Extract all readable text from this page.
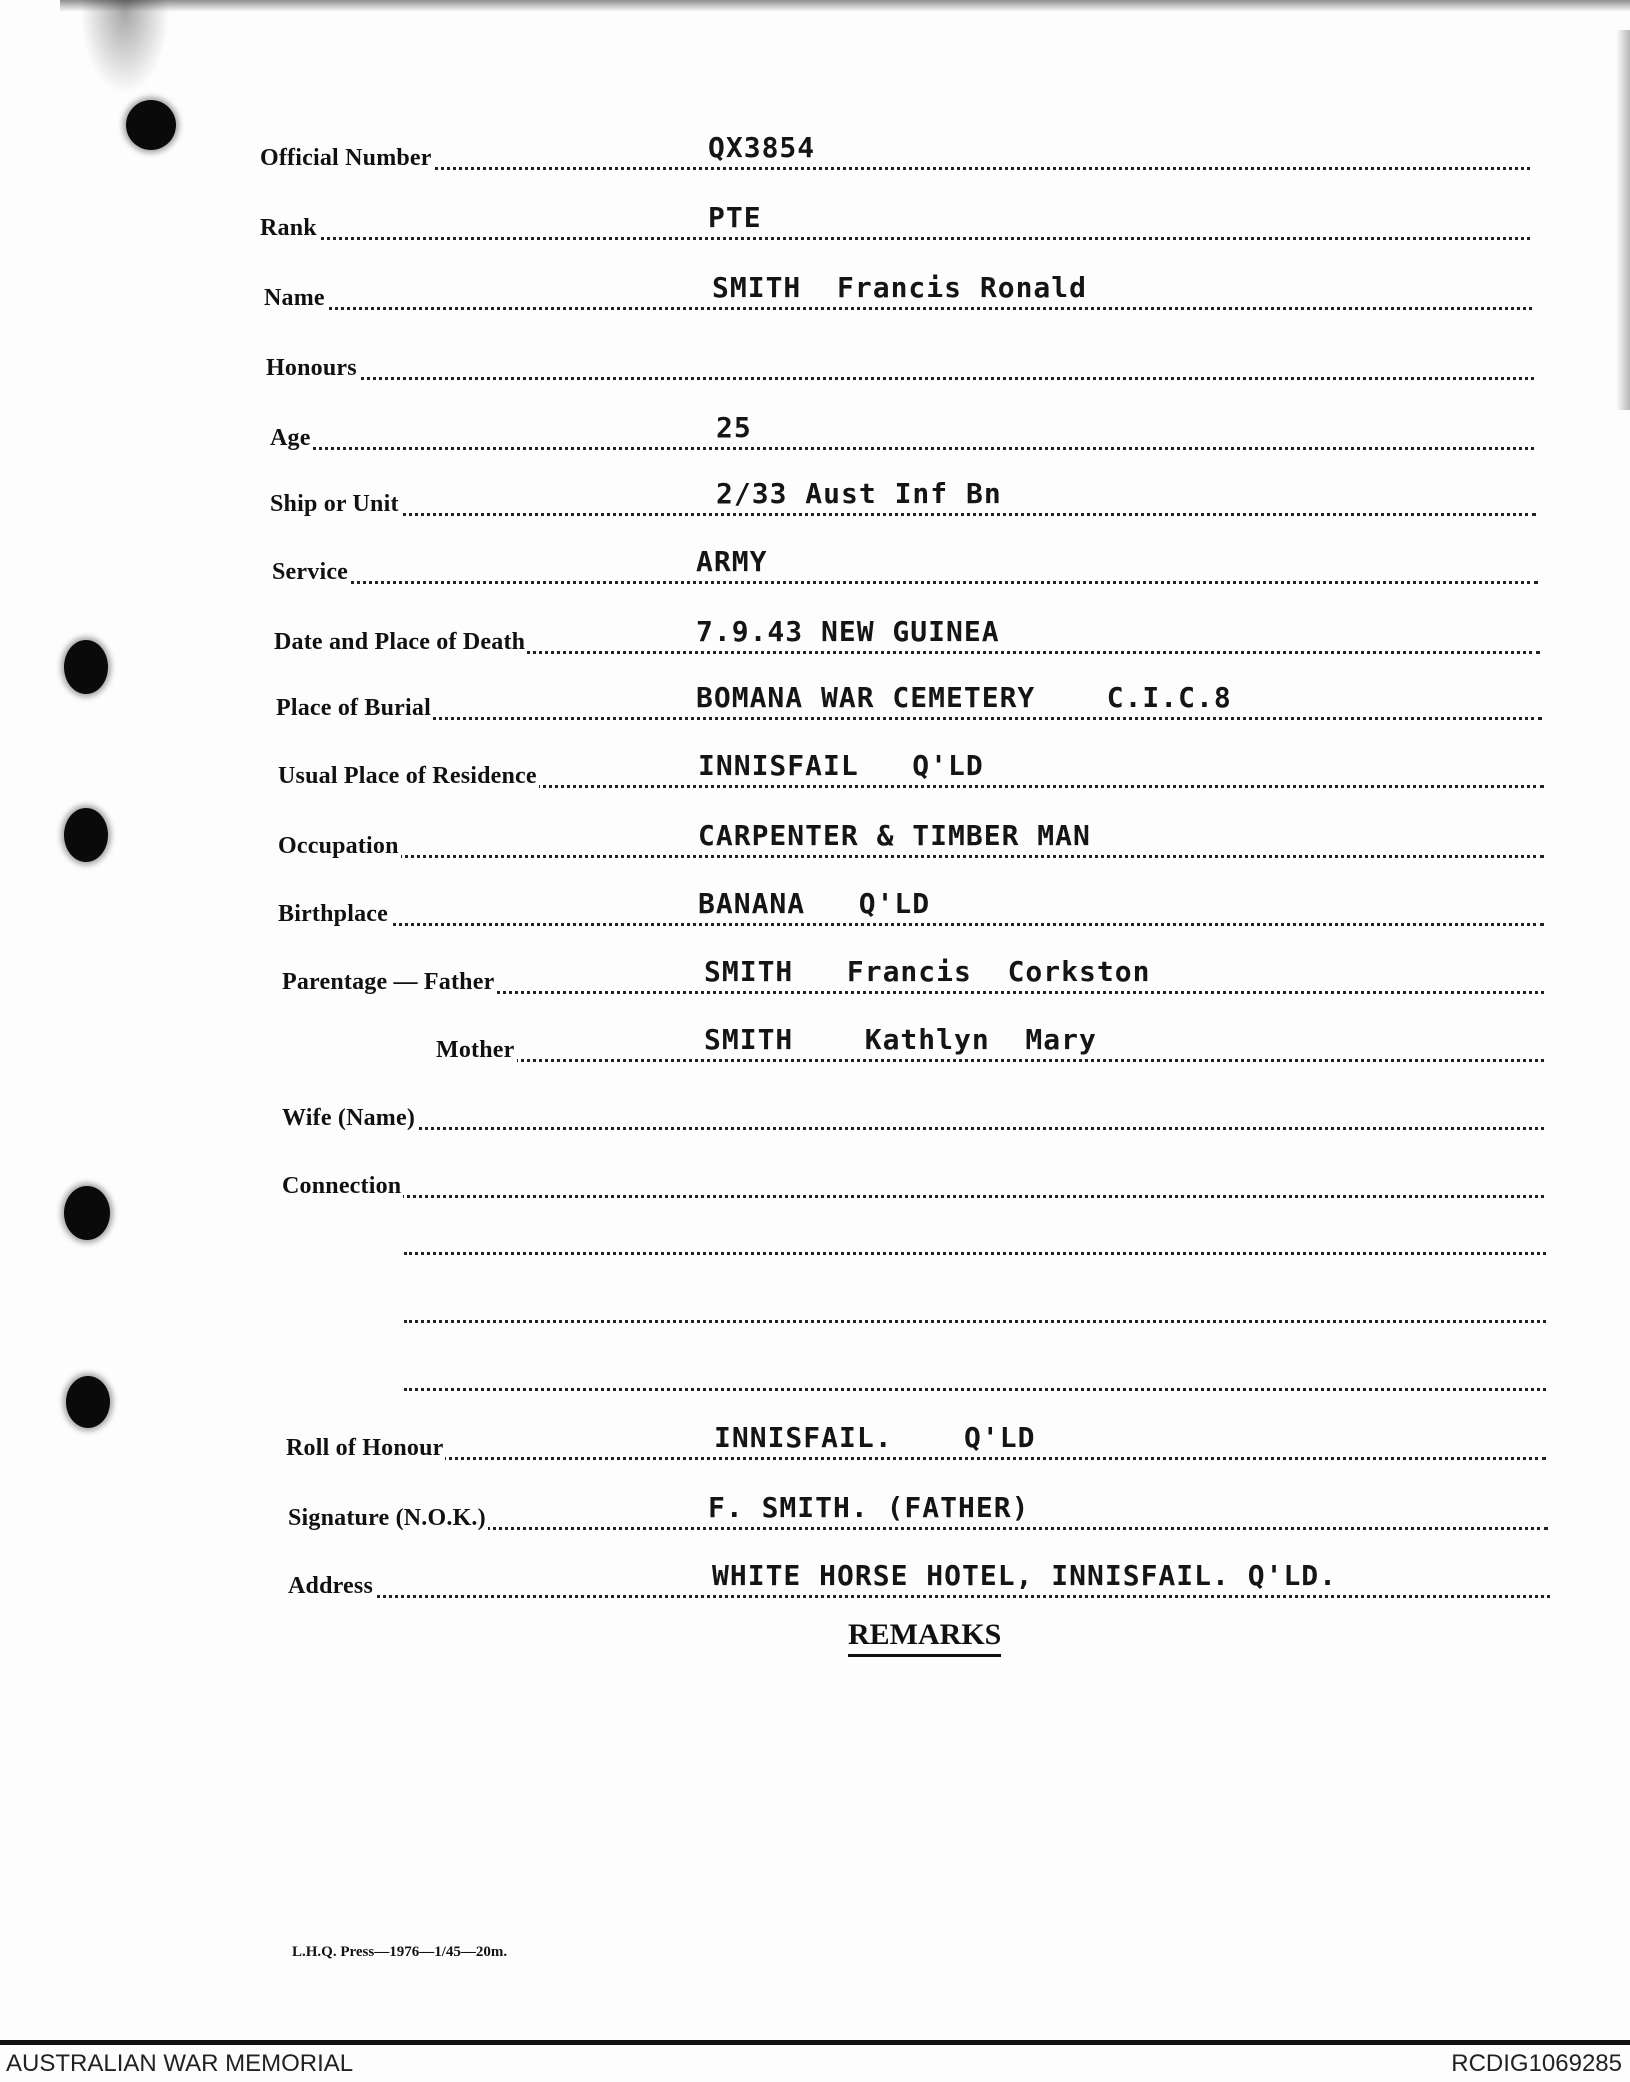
Official Number	QX3854
Rank	PTE
Name	SMITH  Francis Ronald
Honours
Age	25
Ship or Unit	2/33 Aust Inf Bn
Service	ARMY
Date and Place of Death	7.9.43 NEW GUINEA
Place of Burial	BOMANA WAR CEMETERY    C.I.C.8
Usual Place of Residence	INNISFAIL   Q'LD
Occupation	CARPENTER & TIMBER MAN
Birthplace	BANANA   Q'LD
Parentage — Father	SMITH   Francis  Corkston
Mother	SMITH    Kathlyn  Mary
Wife (Name)
Connection
Roll of Honour	INNISFAIL.    Q'LD
Signature (N.O.K.)	F. SMITH. (FATHER)
Address	WHITE HORSE HOTEL, INNISFAIL. Q'LD.
REMARKS
L.H.Q. Press—1976—1/45—20m.
AUSTRALIAN WAR MEMORIAL	RCDIG1069285
